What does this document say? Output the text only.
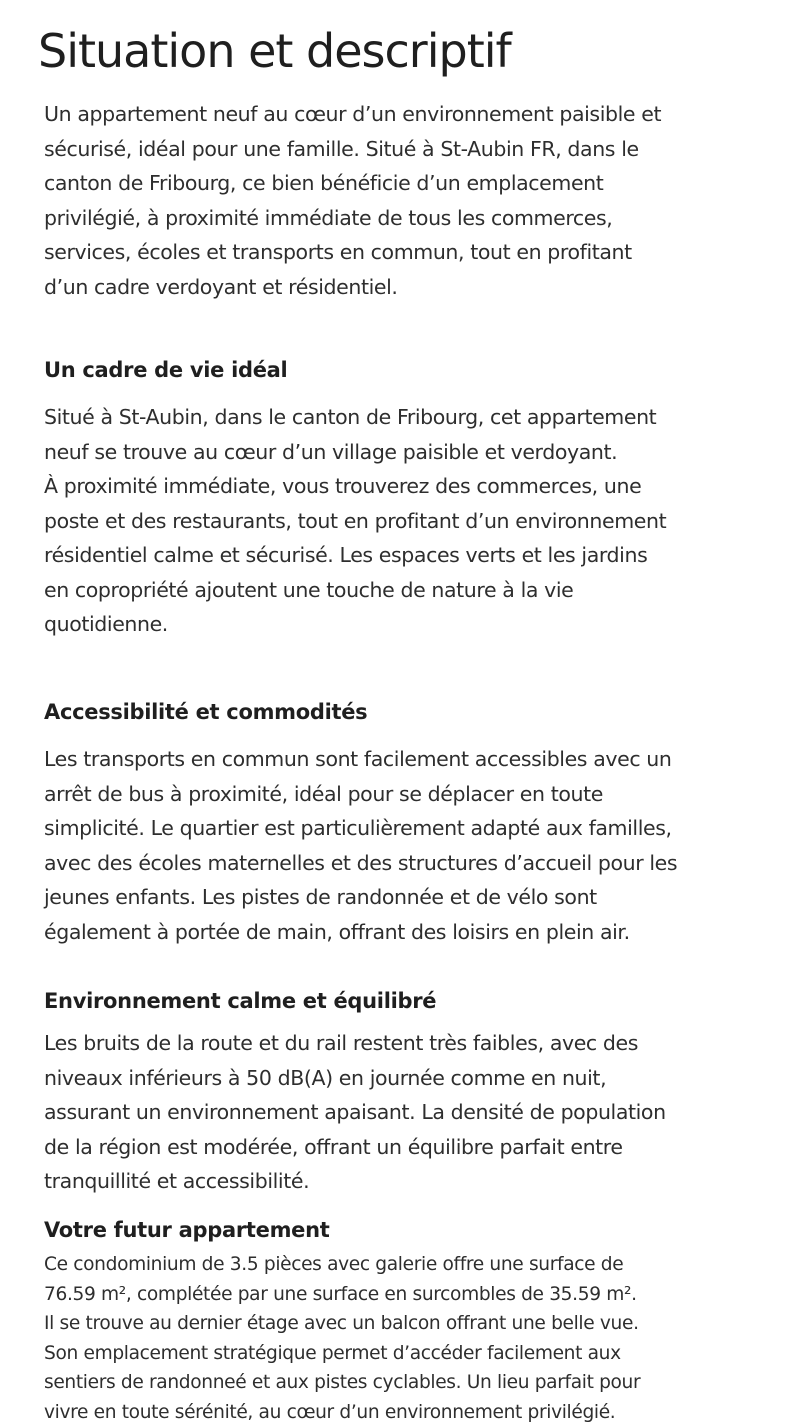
Situation et descriptif

Un appartement neuf au cœur d’un environnement paisible et
sécurisé, idéal pour une famille. Situé à St-Aubin FR, dans le
canton de Fribourg, ce bien bénéficie d’un emplacement
privilégié, à proximité immédiate de tous les commerces,
services, écoles et transports en commun, tout en profitant
d’un cadre verdoyant et résidentiel.

Un cadre de vie idéal

Situé à St-Aubin, dans le canton de Fribourg, cet appartement
neuf se trouve au cœur d’un village paisible et verdoyant.
À proximité immédiate, vous trouverez des commerces, une
poste et des restaurants, tout en profitant d’un environnement
résidentiel calme et sécurisé. Les espaces verts et les jardins
en copropriété ajoutent une touche de nature à la vie
quotidienne.

Accessibilité et commodités

Les transports en commun sont facilement accessibles avec un
arrêt de bus à proximité, idéal pour se déplacer en toute
simplicité. Le quartier est particulièrement adapté aux familles,
avec des écoles maternelles et des structures d’accueil pour les
jeunes enfants. Les pistes de randonnée et de vélo sont
également à portée de main, offrant des loisirs en plein air.

Environnement calme et équilibré

Les bruits de la route et du rail restent très faibles, avec des
niveaux inférieurs à 50 dB(A) en journée comme en nuit,
assurant un environnement apaisant. La densité de population
de la région est modérée, offrant un équilibre parfait entre
tranquillité et accessibilité.

Votre futur appartement

Ce condominium de 3.5 pièces avec galerie offre une surface de
76.59 m², complétée par une surface en surcombles de 35.59 m².
Il se trouve au dernier étage avec un balcon offrant une belle vue.
Son emplacement stratégique permet d’accéder facilement aux
sentiers de randonneé et aux pistes cyclables. Un lieu parfait pour
vivre en toute sérénité, au cœur d’un environnement privilégié.
